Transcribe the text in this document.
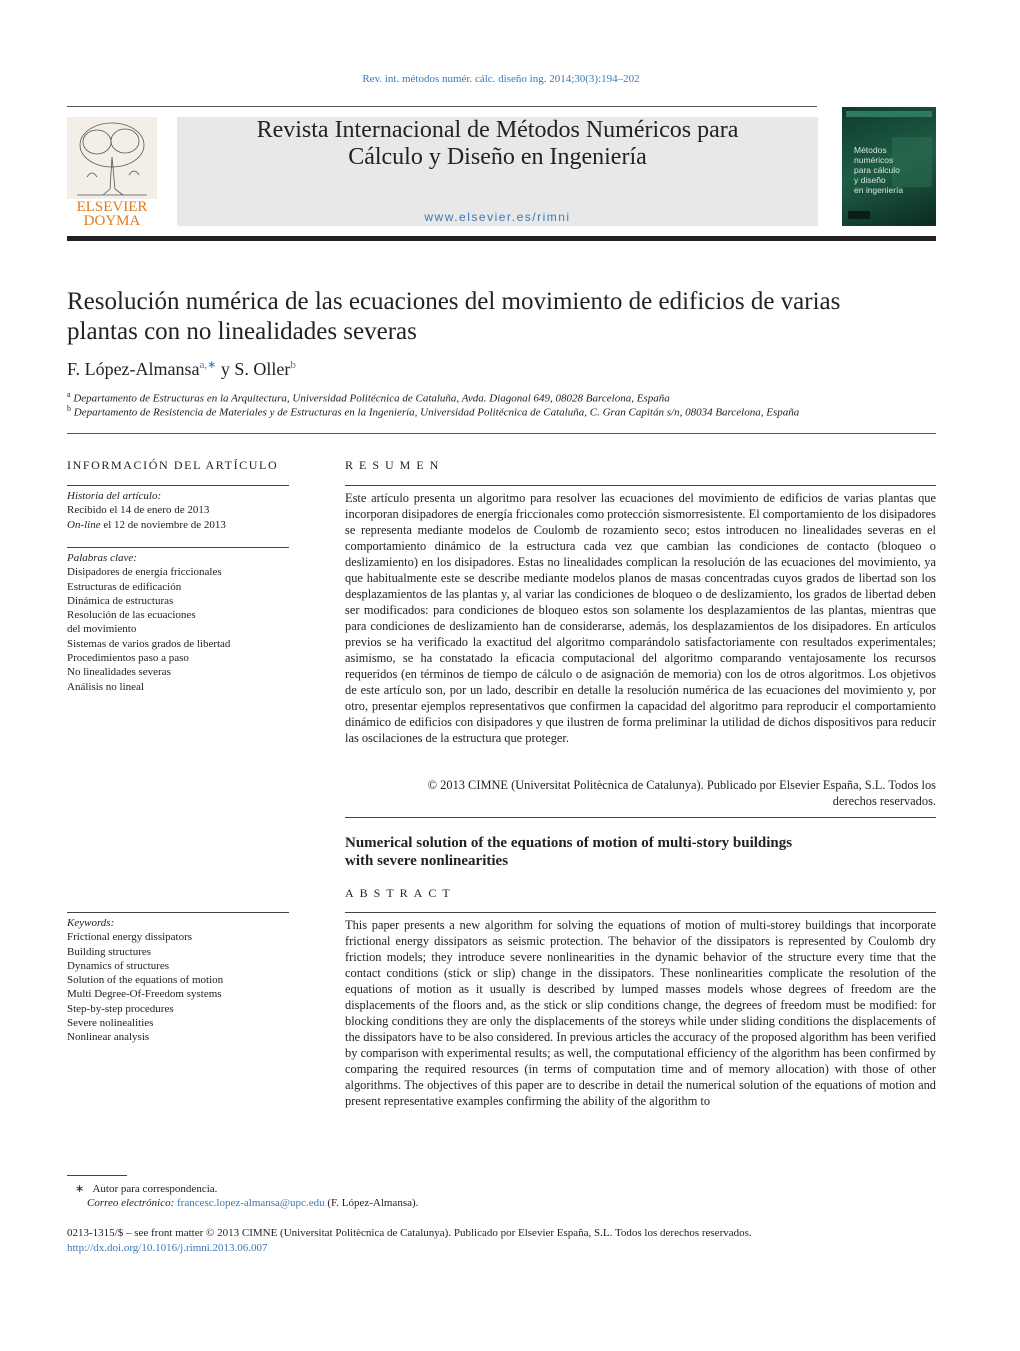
Rev. int. métodos numér. cálc. diseño ing. 2014;30(3):194–202
ELSEVIER
DOYMA
Revista Internacional de Métodos Numéricos para
Cálculo y Diseño en Ingeniería
www.elsevier.es/rimni
Métodos
numéricos
para cálculo
y diseño
en ingeniería
Resolución numérica de las ecuaciones del movimiento de edificios de varias
plantas con no linealidades severas
F. López-Almansa$^{a,∗}$ y S. Oller$^b$
$^a$ Departamento de Estructuras en la Arquitectura, Universidad Politécnica de Cataluña, Avda. Diagonal 649, 08028 Barcelona, España
$^b$ Departamento de Resistencia de Materiales y de Estructuras en la Ingeniería, Universidad Politécnica de Cataluña, C. Gran Capitán s/n, 08034 Barcelona, España
INFORMACIÓN DEL ARTÍCULO
Historia del artículo:
Recibido el 14 de enero de 2013
On-line el 12 de noviembre de 2013
Palabras clave:
Disipadores de energía friccionales
Estructuras de edificación
Dinámica de estructuras
Resolución de las ecuaciones
del movimiento
Sistemas de varios grados de libertad
Procedimientos paso a paso
No linealidades severas
Análisis no lineal
Keywords:
Frictional energy dissipators
Building structures
Dynamics of structures
Solution of the equations of motion
Multi Degree-Of-Freedom systems
Step-by-step procedures
Severe nolinealities
Nonlinear analysis
RESUMEN
Este artículo presenta un algoritmo para resolver las ecuaciones del movimiento de edificios de varias plantas que incorporan disipadores de energía friccionales como protección sismorresistente. El comportamiento de los disipadores se representa mediante modelos de Coulomb de rozamiento seco; estos introducen no linealidades severas en el comportamiento dinámico de la estructura cada vez que cambian las condiciones de contacto (bloqueo o deslizamiento) en los disipadores. Estas no linealidades complican la resolución de las ecuaciones del movimiento, ya que habitualmente este se describe mediante modelos planos de masas concentradas cuyos grados de libertad son los desplazamientos de las plantas y, al variar las condiciones de bloqueo o de deslizamiento, los grados de libertad deben ser modificados: para condiciones de bloqueo estos son solamente los desplazamientos de las plantas, mientras que para condiciones de deslizamiento han de considerarse, además, los desplazamientos de los disipadores. En artículos previos se ha verificado la exactitud del algoritmo comparándolo satisfactoriamente con resultados experimentales; asimismo, se ha constatado la eficacia computacional del algoritmo comparando ventajosamente los recursos requeridos (en términos de tiempo de cálculo o de asignación de memoria) con los de otros algoritmos. Los objetivos de este artículo son, por un lado, describir en detalle la resolución numérica de las ecuaciones del movimiento y, por otro, presentar ejemplos representativos que confirmen la capacidad del algoritmo para reproducir el comportamiento dinámico de edificios con disipadores y que ilustren de forma preliminar la utilidad de dichos dispositivos para reducir las oscilaciones de la estructura que proteger.
© 2013 CIMNE (Universitat Politècnica de Catalunya). Publicado por Elsevier España, S.L. Todos los
derechos reservados.
Numerical solution of the equations of motion of multi-story buildings
with severe nonlinearities
ABSTRACT
This paper presents a new algorithm for solving the equations of motion of multi-storey buildings that incorporate frictional energy dissipators as seismic protection. The behavior of the dissipators is represented by Coulomb dry friction models; they introduce severe nonlinearities in the dynamic behavior of the structure every time that the contact conditions (stick or slip) change in the dissipators. These nonlinearities complicate the resolution of the equations of motion as it usually is described by lumped masses models whose degrees of freedom are the displacements of the floors and, as the stick or slip conditions change, the degrees of freedom must be modified: for blocking conditions they are only the displacements of the storeys while under sliding conditions the displacements of the dissipators have to be also considered. In previous articles the accuracy of the proposed algorithm has been verified by comparison with experimental results; as well, the computational efficiency of the algorithm has been confirmed by comparing the required resources (in terms of computation time and of memory allocation) with those of other algorithms. The objectives of this paper are to describe in detail the numerical solution of the equations of motion and present representative examples confirming the ability of the algorithm to
∗ Autor para correspondencia.
Correo electrónico: francesc.lopez-almansa@upc.edu (F. López-Almansa).
0213-1315/$ – see front matter © 2013 CIMNE (Universitat Politècnica de Catalunya). Publicado por Elsevier España, S.L. Todos los derechos reservados.
http://dx.doi.org/10.1016/j.rimni.2013.06.007
